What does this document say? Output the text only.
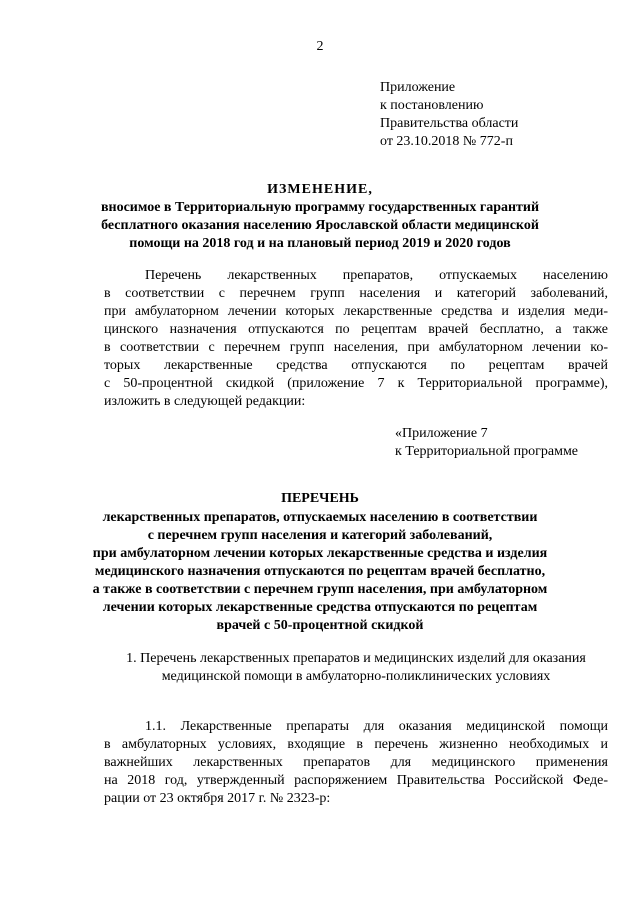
2
Приложение
к постановлению
Правительства области
от 23.10.2018 № 772-п
ИЗМЕНЕНИЕ,
вносимое в Территориальную программу государственных гарантий
бесплатного оказания населению Ярославской области медицинской
помощи на 2018 год и на плановый период 2019 и 2020 годов
Перечень лекарственных препаратов, отпускаемых населению
в соответствии с перечнем групп населения и категорий заболеваний,
при амбулаторном лечении которых лекарственные средства и изделия меди-
цинского назначения отпускаются по рецептам врачей бесплатно, а также
в соответствии с перечнем групп населения, при амбулаторном лечении ко-
торых лекарственные средства отпускаются по рецептам врачей
с 50-процентной скидкой (приложение 7 к Территориальной программе),
изложить в следующей редакции:
«Приложение 7
к Территориальной программе
ПЕРЕЧЕНЬ
лекарственных препаратов, отпускаемых населению в соответствии
с перечнем групп населения и категорий заболеваний,
при амбулаторном лечении которых лекарственные средства и изделия
медицинского назначения отпускаются по рецептам врачей бесплатно,
а также в соответствии с перечнем групп населения, при амбулаторном
лечении которых лекарственные средства отпускаются по рецептам
врачей с 50-процентной скидкой
1. Перечень лекарственных препаратов и медицинских изделий для оказания
медицинской помощи в амбулаторно-поликлинических условиях
1.1. Лекарственные препараты для оказания медицинской помощи
в амбулаторных условиях, входящие в перечень жизненно необходимых и
важнейших лекарственных препаратов для медицинского применения
на 2018 год, утвержденный распоряжением Правительства Российской Феде-
рации от 23 октября 2017 г. № 2323-р:
